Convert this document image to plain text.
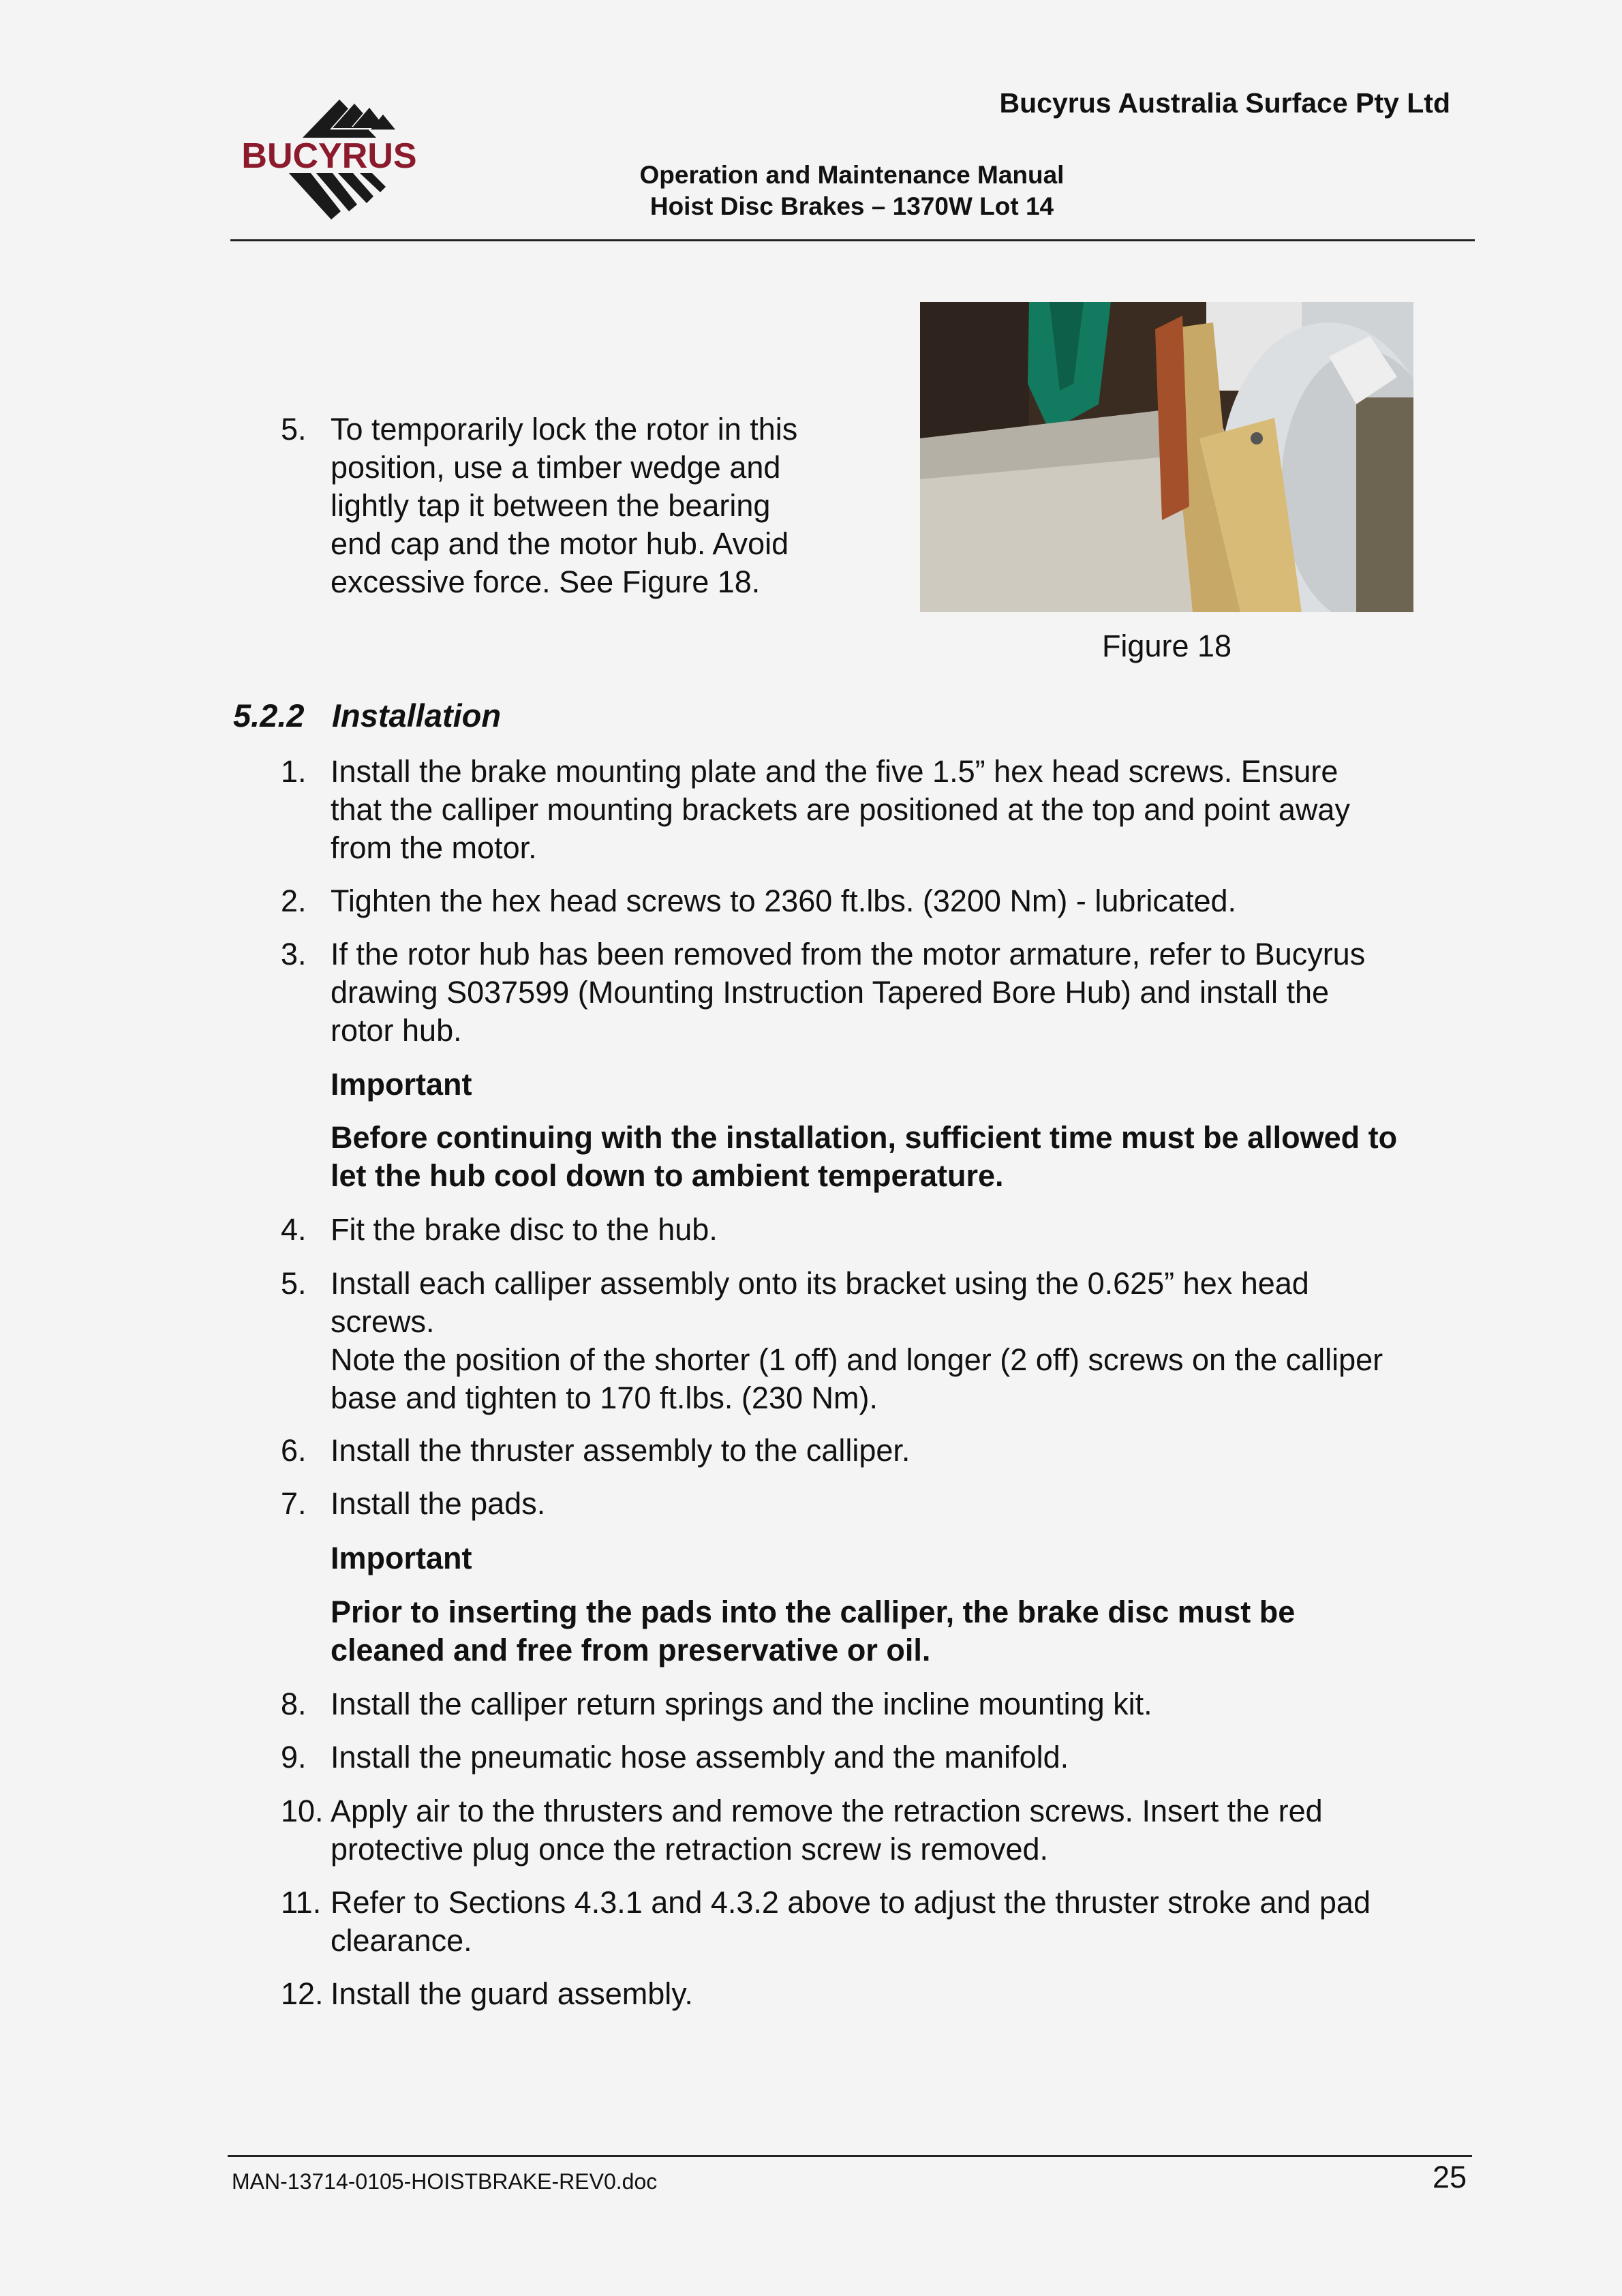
BUCYRUS
Bucyrus Australia Surface Pty Ltd
Operation and Maintenance Manual
Hoist Disc Brakes – 1370W Lot 14
5. To temporarily lock the rotor in this
position, use a timber wedge and
lightly tap it between the bearing
end cap and the motor hub. Avoid
excessive force. See Figure 18.
Figure 18
5.2.2 Installation
1. Install the brake mounting plate and the five 1.5” hex head screws. Ensure
that the calliper mounting brackets are positioned at the top and point away
from the motor.
2. Tighten the hex head screws to 2360 ft.lbs. (3200 Nm) - lubricated.
3. If the rotor hub has been removed from the motor armature, refer to Bucyrus
drawing S037599 (Mounting Instruction Tapered Bore Hub) and install the
rotor hub.
Important
Before continuing with the installation, sufficient time must be allowed to
let the hub cool down to ambient temperature.
4. Fit the brake disc to the hub.
5. Install each calliper assembly onto its bracket using the 0.625” hex head
screws.
Note the position of the shorter (1 off) and longer (2 off) screws on the calliper
base and tighten to 170 ft.lbs. (230 Nm).
6. Install the thruster assembly to the calliper.
7. Install the pads.
Important
Prior to inserting the pads into the calliper, the brake disc must be
cleaned and free from preservative or oil.
8. Install the calliper return springs and the incline mounting kit.
9. Install the pneumatic hose assembly and the manifold.
10. Apply air to the thrusters and remove the retraction screws. Insert the red
protective plug once the retraction screw is removed.
11. Refer to Sections 4.3.1 and 4.3.2 above to adjust the thruster stroke and pad
clearance.
12. Install the guard assembly.
MAN-13714-0105-HOISTBRAKE-REV0.doc	25
